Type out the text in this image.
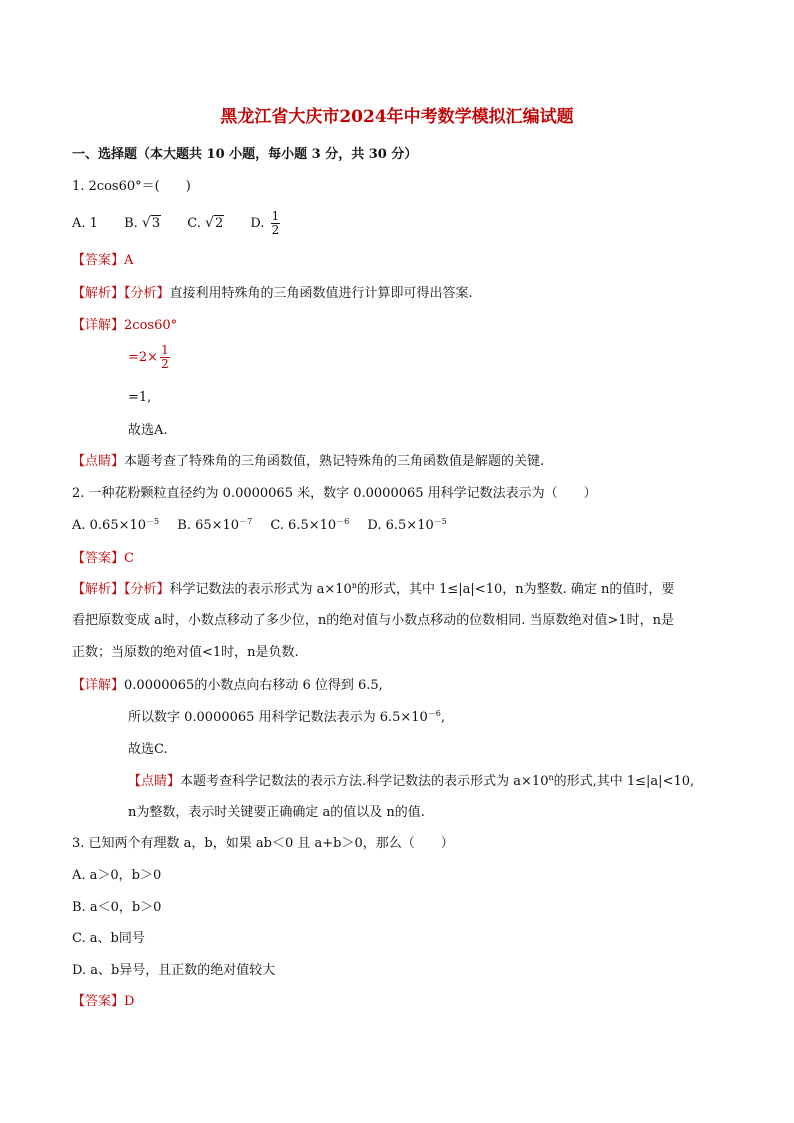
黑龙江省大庆市2024年中考数学模拟汇编试题
一、选择题（本大题共 10 小题，每小题 3 分，共 30 分）
1. 2cos60°＝(　　)
A. 1 B. √3 C. √2 D. $\frac{1}{2}$
【答案】A
【解析】【分析】直接利用特殊角的三角函数值进行计算即可得出答案.
【详解】2cos60°
$=2\times \frac{1}{2}$
=1,
故选A.
【点睛】本题考查了特殊角的三角函数值，熟记特殊角的三角函数值是解题的关键.
2. 一种花粉颗粒直径约为 0.0000065 米，数字 0.0000065 用科学记数法表示为（　　）
A. $0.65\times 10^{-5}$ B. $65\times 10^{-7}$ C. $6.5\times 10^{-6}$ D. $6.5\times 10^{-5}$
【答案】C
【解析】【分析】科学记数法的表示形式为 $a\times 10^n$的形式，其中 1≤|a|<10，n为整数. 确定 n的值时，要
看把原数变成 a时，小数点移动了多少位，n的绝对值与小数点移动的位数相同. 当原数绝对值>1时，n是
正数；当原数的绝对值<1时，n是负数.
【详解】0.0000065的小数点向右移动 6 位得到 6.5,
所以数字 0.0000065 用科学记数法表示为 $6.5\times 10^{-6}$,
故选C.
【点睛】本题考查科学记数法的表示方法.科学记数法的表示形式为 $a\times 10^n$的形式,其中 1≤|a|<10,
n为整数，表示时关键要正确确定 a的值以及 n的值.
3. 已知两个有理数 a，b，如果 ab＜0 且 a+b＞0，那么（　　）
A. a＞0，b＞0
B. a＜0，b＞0
C. a、b同号
D. a、b异号，且正数的绝对值较大
【答案】D
